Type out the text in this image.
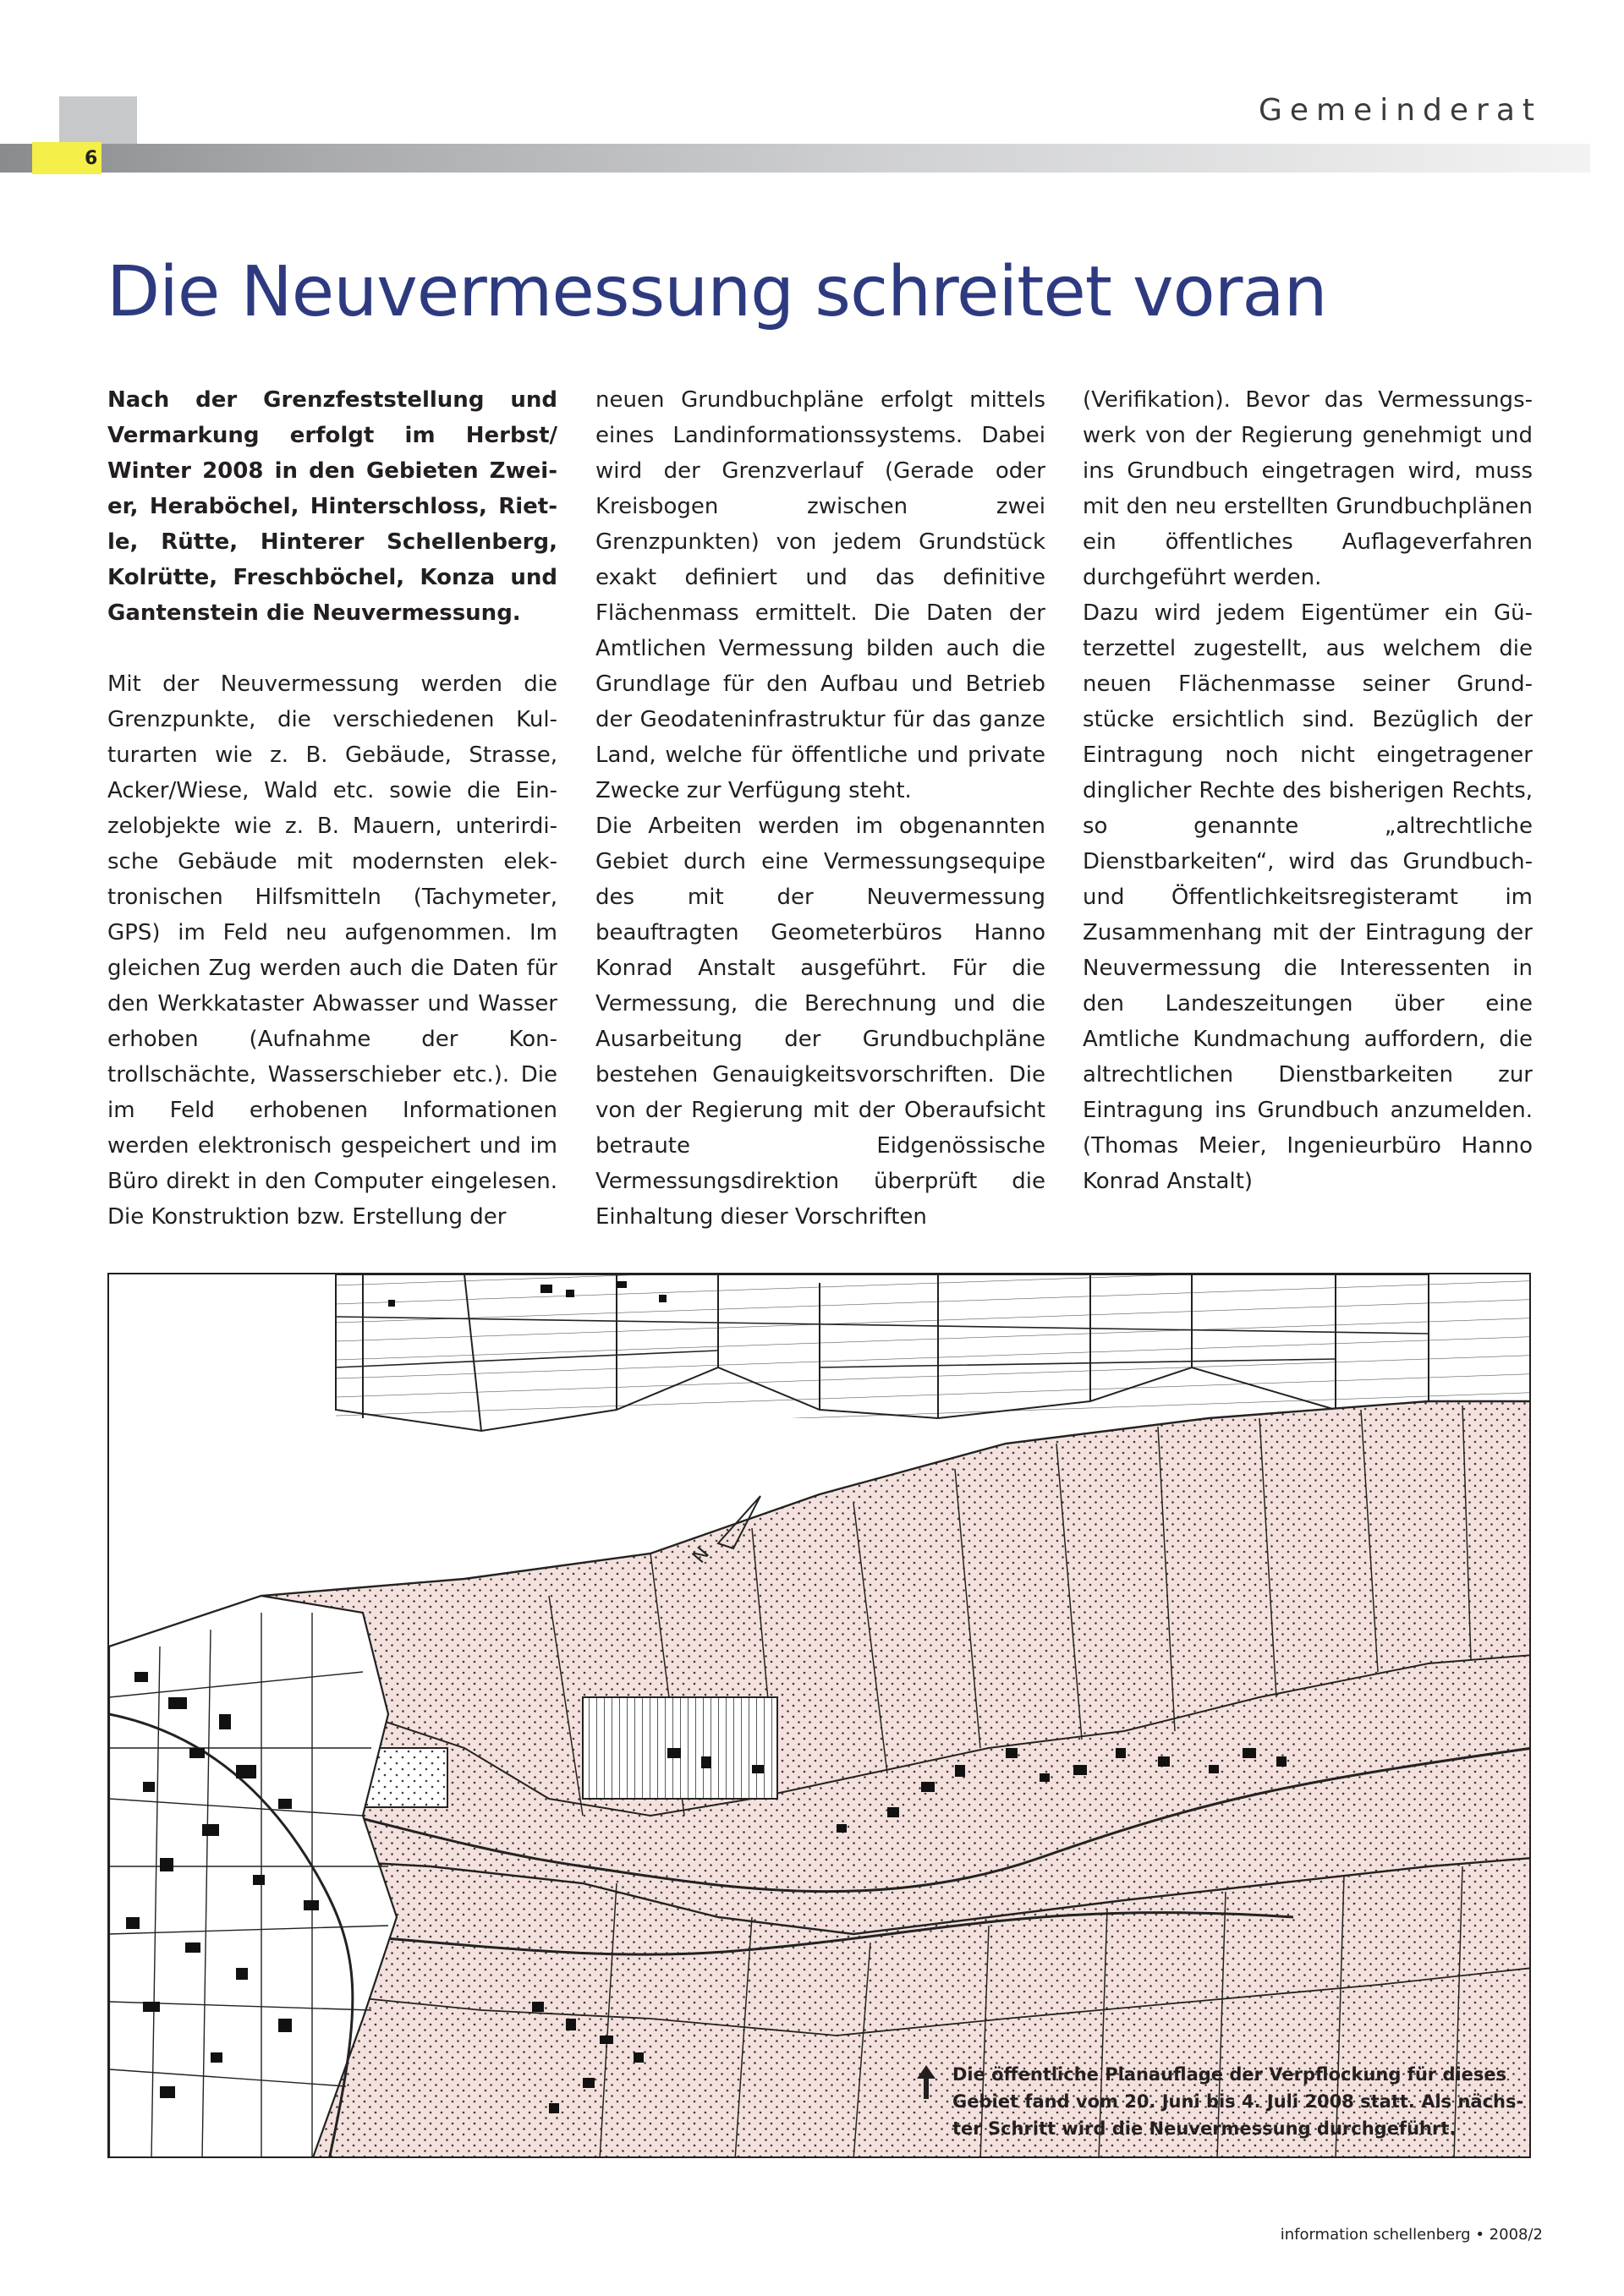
6
Gemeinderat
Die Neuvermessung schreitet voran

Nach der Grenzfeststellung und Vermarkung erfolgt im Herbst/ Winter 2008 in den Gebieten Zweier, Heraböchel, Hinterschloss, Rietle, Rütte, Hinterer Schellenberg, Kolrütte, Freschböchel, Konza und Gantenstein die Neuvermessung.

Mit der Neuvermessung werden die Grenzpunkte, die verschiedenen Kulturarten wie z. B. Gebäude, Strasse, Acker/Wiese, Wald etc. sowie die Einzelobjekte wie z. B. Mauern, unterirdische Gebäude mit modernsten elektronischen Hilfsmitteln (Tachymeter, GPS) im Feld neu aufgenommen. Im gleichen Zug werden auch die Daten für den Werkkataster Abwasser und Wasser erhoben (Aufnahme der Kontrollschächte, Wasserschieber etc.). Die im Feld erhobenen Informationen werden elektronisch gespeichert und im Büro direkt in den Computer eingelesen. Die Konstruktion bzw. Erstellung der

neuen Grundbuchpläne erfolgt mittels eines Landinformationssystems. Dabei wird der Grenzverlauf (Gerade oder Kreisbogen zwischen zwei Grenzpunkten) von jedem Grundstück exakt definiert und das definitive Flächenmass ermittelt. Die Daten der Amtlichen Vermessung bilden auch die Grundlage für den Aufbau und Betrieb der Geodateninfrastruktur für das ganze Land, welche für öffentliche und private Zwecke zur Verfügung steht.

Die Arbeiten werden im obgenannten Gebiet durch eine Vermessungsequipe des mit der Neuvermessung beauftragten Geometerbüros Hanno Konrad Anstalt ausgeführt. Für die Vermessung, die Berechnung und die Ausarbeitung der Grundbuchpläne bestehen Genauigkeitsvorschriften. Die von der Regierung mit der Oberaufsicht betraute Eidgenössische Vermessungsdirektion überprüft die Einhaltung dieser Vorschriften

(Verifikation). Bevor das Vermessungswerk von der Regierung genehmigt und ins Grundbuch eingetragen wird, muss mit den neu erstellten Grundbuchplänen ein öffentliches Auflageverfahren durchgeführt werden.

Dazu wird jedem Eigentümer ein Güterzettel zugestellt, aus welchem die neuen Flächenmasse seiner Grundstücke ersichtlich sind. Bezüglich der Eintragung noch nicht eingetragener dinglicher Rechte des bisherigen Rechts, so genannte „altrechtliche Dienstbarkeiten“, wird das Grundbuch- und Öffentlichkeitsregisteramt im Zusammenhang mit der Eintragung der Neuvermessung die Interessenten in den Landeszeitungen über eine Amtliche Kundmachung auffordern, die altrechtlichen Dienstbarkeiten zur Eintragung ins Grundbuch anzumelden. (Thomas Meier, Ingenieurbüro Hanno Konrad Anstalt)

N
Die öffentliche Planauflage der Verpflockung für dieses Gebiet fand vom 20. Juni bis 4. Juli 2008 statt. Als nächster Schritt wird die Neuvermessung durchgeführt.
information schellenberg • 2008/2
